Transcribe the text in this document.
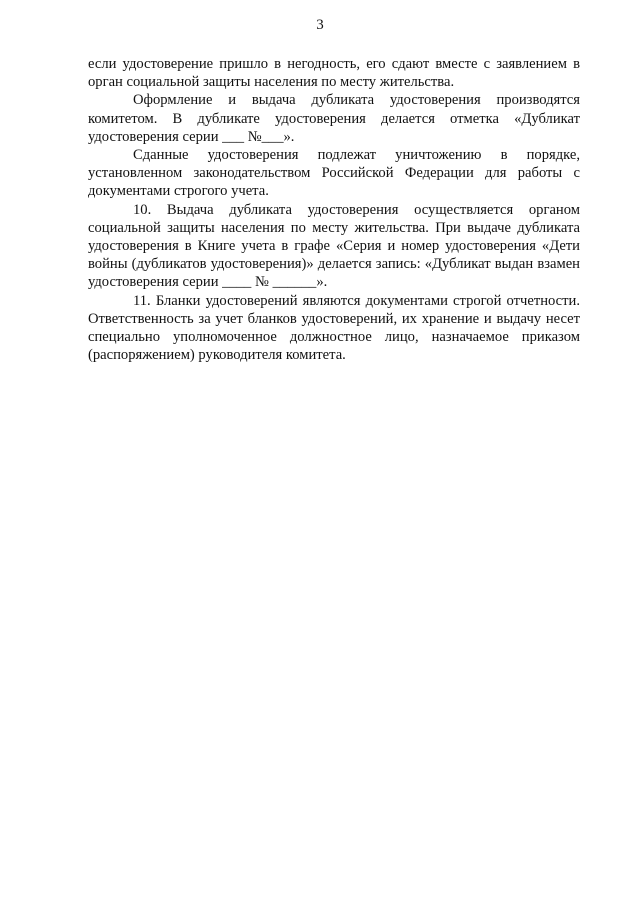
3

если удостоверение пришло в негодность, его сдают вместе с заявлением в орган социальной защиты населения по месту жительства.

Оформление и выдача дубликата удостоверения производятся комитетом. В дубликате удостоверения делается отметка «Дубликат удостоверения серии ___ №___».

Сданные удостоверения подлежат уничтожению в порядке, установленном законодательством Российской Федерации для работы с документами строгого учета.

10. Выдача дубликата удостоверения осуществляется органом социальной защиты населения по месту жительства. При выдаче дубликата удостоверения в Книге учета в графе «Серия и номер удостоверения «Дети войны (дубликатов удостоверения)» делается запись: «Дубликат выдан взамен удостоверения серии ____ № ______».

11. Бланки удостоверений являются документами строгой отчетности. Ответственность за учет бланков удостоверений, их хранение и выдачу несет специально уполномоченное должностное лицо, назначаемое приказом (распоряжением) руководителя комитета.
